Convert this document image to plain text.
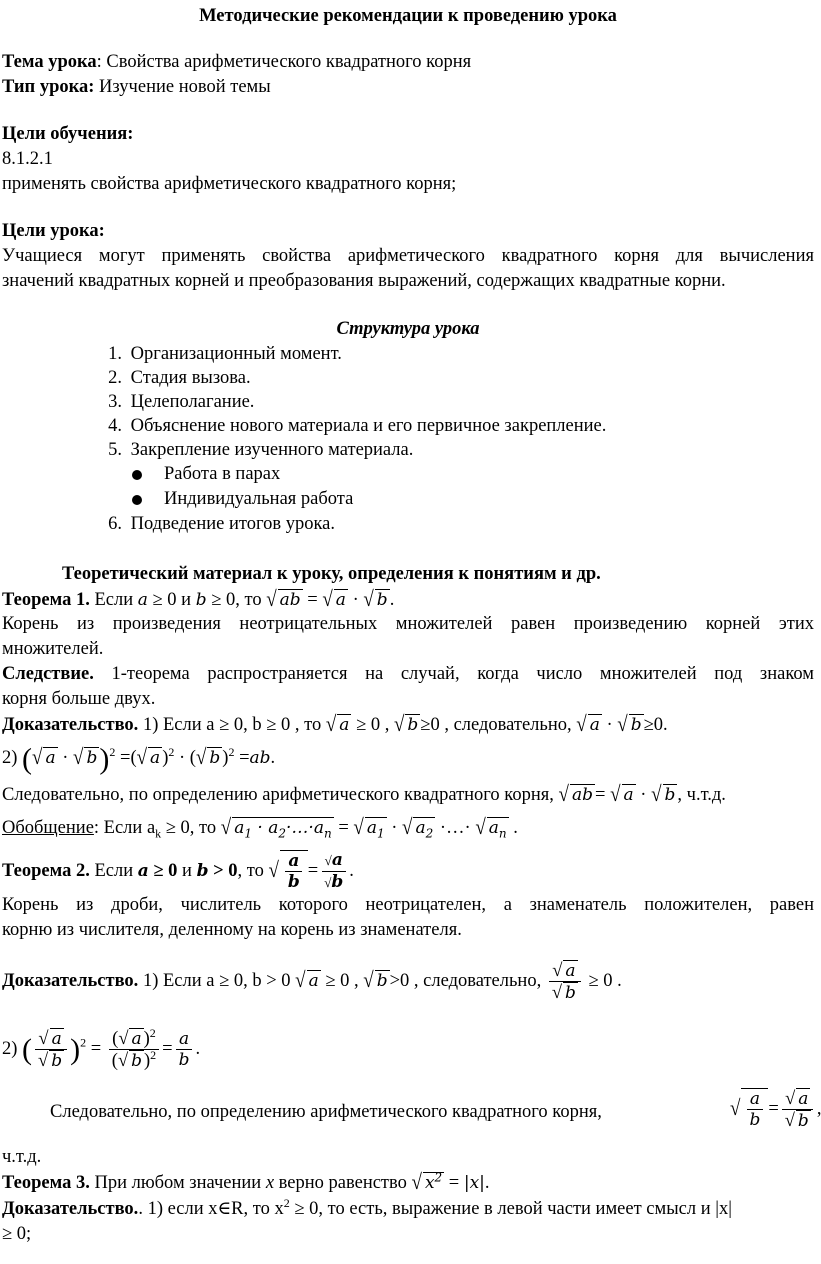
Методические рекомендации к проведению урока
Тема урока: Свойства арифметического квадратного корня
Тип урока: Изучение новой темы
Цели обучения:
8.1.2.1
применять свойства арифметического квадратного корня;
Цели урока:
Учащиеся могут применять свойства арифметического квадратного корня для вычисления
значений квадратных корней и преобразования выражений, содержащих квадратные корни.
Структура урока
1. Организационный момент.
2. Стадия вызова.
3. Целеполагание.
4. Объяснение нового материала и его первичное закрепление.
5. Закрепление изученного материала.
Работа в парах
Индивидуальная работа
6. Подведение итогов урока.
Теоретический материал к уроку, определения к понятиям и др.
Теорема 1. Если a ≥ 0 и b ≥ 0, то √ ab = √ a · √ b .
Корень из произведения неотрицательных множителей равен произведению корней этих
множителей.
Следствие. 1-теорема распространяется на случай, когда число множителей под знаком
корня больше двух.
Доказательство. 1) Если a ≥ 0, b ≥ 0 , то √ a ≥ 0 , √ b ≥0 , следовательно, √ a · √ b ≥0.
2) (√ a · √ b)$^2$ =(√ a )$^2$ · (√ b )$^2$ =ab.
Следовательно, по определению арифметического квадратного корня, √ ab = √ a · √ b , ч.т.д.
Обобщение: Если $a_k \ge 0$, то √ $a_1$ · $a_2\cdot\dots\cdot a_n$ = √ $a_1$ · √ $a_2$ ·…· √ $a_n$ .
Теорема 2. Если a ≥ 0 и b > 0, то √ $\frac{a}{b} = \frac{√a}{√b}$ .
Корень из дроби, числитель которого неотрицателен, а знаменатель положителен, равен
корню из числителя, деленному на корень из знаменателя.
Доказательство. 1) Если a ≥ 0, b > 0 √ a ≥ 0 , √ b >0 , следовательно, $\frac{√ a}{√ b} \ge 0$ .
2) ( $\frac{√ a}{√ b} )^2 = \frac{(√ a )^2}{(√ b )^2} = \frac{a}{b}$ .
Следовательно, по определению арифметического квадратного корня,	√ $\frac{a}{b} = \frac{√ a}{√ b}$ ,
ч.т.д.
Теорема 3. При любом значении x верно равенство √ $x^2 = |x|$.
Доказательство.. 1) если x∈R, то $x^2 \ge 0$, то есть, выражение в левой части имеет смысл и |x|
≥ 0;
